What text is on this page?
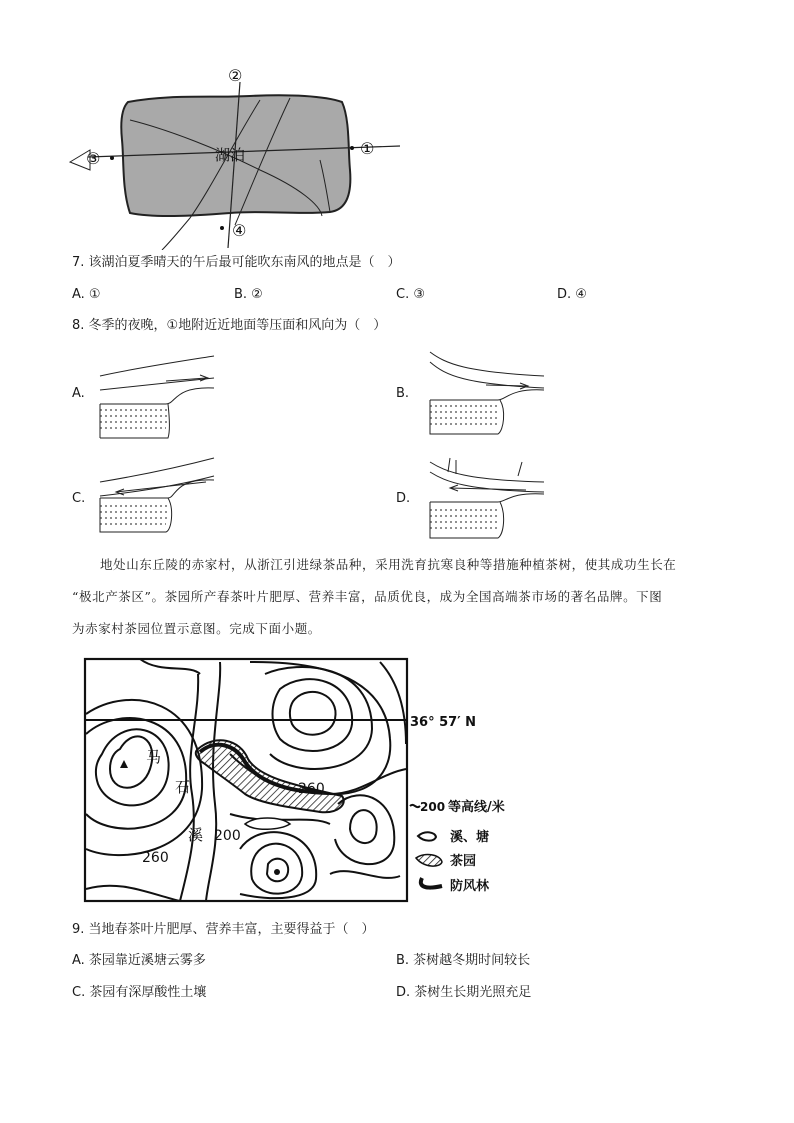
湖泊	①
②
③
④
7. 该湖泊夏季晴天的午后最可能吹东南风的地点是（　）
A. ①	B. ②	C. ③	D. ④
8. 冬季的夜晚，①地附近近地面等压面和风向为（　）
A.	B.
C.	D.
地处山东丘陵的赤家村，从浙江引进绿茶品种，采用洗育抗寒良种等措施种植茶树，使其成功生长在
“极北产茶区”。茶园所产春茶叶片肥厚、营养丰富，品质优良，成为全国高端茶市场的著名品牌。下图
为赤家村茶园位置示意图。完成下面小题。
马
石
溪
260
200
260
36° 57′ N
200 等高线/米
溪、塘
茶园
防风林
9. 当地春茶叶片肥厚、营养丰富，主要得益于（　）
A. 茶园靠近溪塘云雾多	B. 茶树越冬期时间较长
C. 茶园有深厚酸性土壤	D. 茶树生长期光照充足
